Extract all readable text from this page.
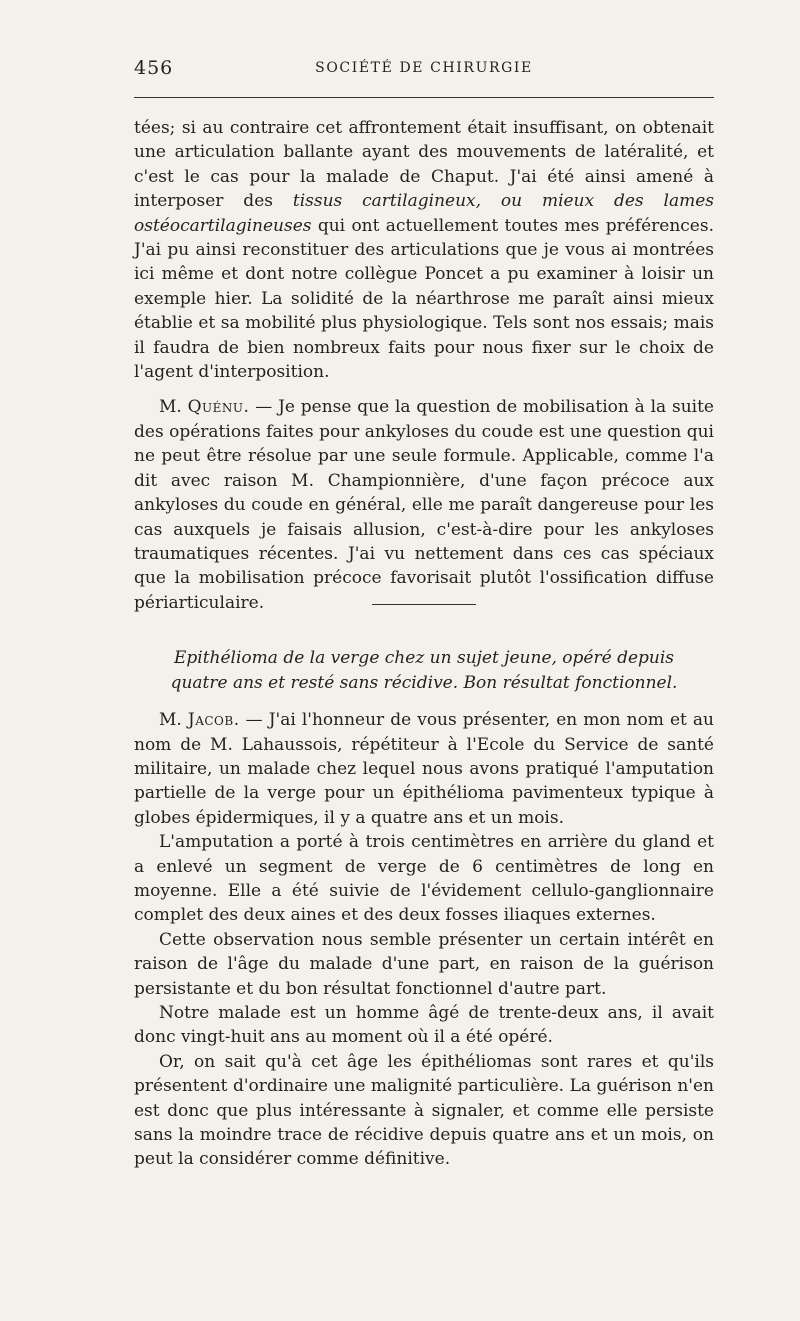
456	SOCIÉTÉ DE CHIRURGIE

tées; si au contraire cet affrontement était insuffisant, on obtenait une articulation ballante ayant des mouvements de latéralité, et c'est le cas pour la malade de Chaput. J'ai été ainsi amené à interposer des tissus cartilagineux, ou mieux des lames ostéocartilagineuses qui ont actuellement toutes mes préférences. J'ai pu ainsi reconstituer des articulations que je vous ai montrées ici même et dont notre collègue Poncet a pu examiner à loisir un exemple hier. La solidité de la néarthrose me paraît ainsi mieux établie et sa mobilité plus physiologique. Tels sont nos essais; mais il faudra de bien nombreux faits pour nous fixer sur le choix de l'agent d'interposition.

M. Quénu. — Je pense que la question de mobilisation à la suite des opérations faites pour ankyloses du coude est une question qui ne peut être résolue par une seule formule. Applicable, comme l'a dit avec raison M. Championnière, d'une façon précoce aux ankyloses du coude en général, elle me paraît dangereuse pour les cas auxquels je faisais allusion, c'est-à-dire pour les ankyloses traumatiques récentes. J'ai vu nettement dans ces cas spéciaux que la mobilisation précoce favorisait plutôt l'ossification diffuse périarticulaire.

Epithélioma de la verge chez un sujet jeune, opéré depuis
quatre ans et resté sans récidive. Bon résultat fonctionnel.

M. Jacob. — J'ai l'honneur de vous présenter, en mon nom et au nom de M. Lahaussois, répétiteur à l'Ecole du Service de santé militaire, un malade chez lequel nous avons pratiqué l'amputation partielle de la verge pour un épithélioma pavimenteux typique à globes épidermiques, il y a quatre ans et un mois.

L'amputation a porté à trois centimètres en arrière du gland et a enlevé un segment de verge de 6 centimètres de long en moyenne. Elle a été suivie de l'évidement cellulo-ganglionnaire complet des deux aines et des deux fosses iliaques externes.

Cette observation nous semble présenter un certain intérêt en raison de l'âge du malade d'une part, en raison de la guérison persistante et du bon résultat fonctionnel d'autre part.

Notre malade est un homme âgé de trente-deux ans, il avait donc vingt-huit ans au moment où il a été opéré.

Or, on sait qu'à cet âge les épithéliomas sont rares et qu'ils présentent d'ordinaire une malignité particulière. La guérison n'en est donc que plus intéressante à signaler, et comme elle persiste sans la moindre trace de récidive depuis quatre ans et un mois, on peut la considérer comme définitive.
